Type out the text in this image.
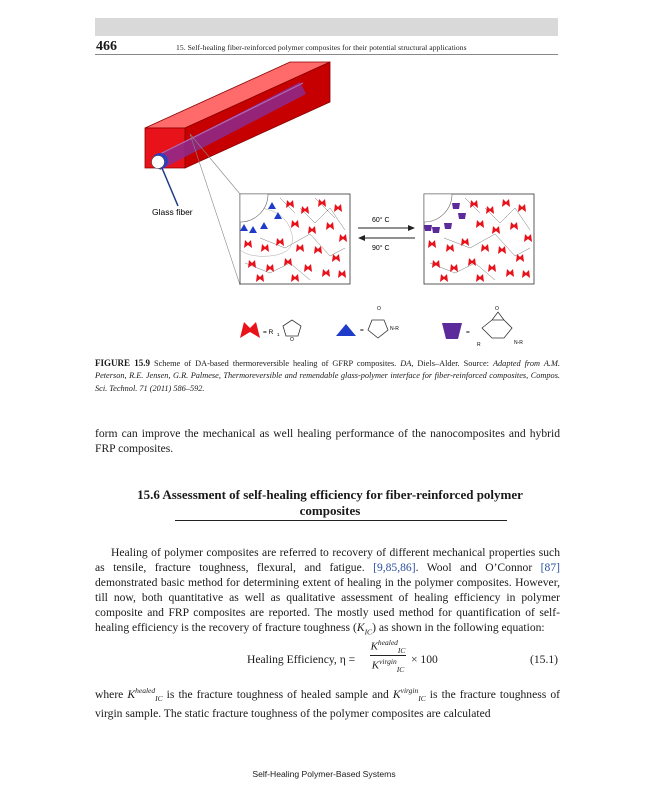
466	15. Self-healing fiber-reinforced polymer composites for their potential structural applications
Glass fiber
60° C
90° C
= R 1
O
=	N-R
O
=
R	N-R
O
FIGURE 15.9 Scheme of DA-based thermoreversible healing of GFRP composites. DA, Diels–Alder. Source: Adapted from A.M. Peterson, R.E. Jensen, G.R. Palmese, Thermoreversible and remendable glass-polymer interface for fiber-reinforced composites, Compos. Sci. Technol. 71 (2011) 586–592.
form can improve the mechanical as well healing performance of the nanocomposites and hybrid FRP composites.
15.6 Assessment of self-healing efficiency for fiber-reinforced polymer composites
Healing of polymer composites are referred to recovery of different mechanical properties such as tensile, fracture toughness, flexural, and fatigue. [9,85,86]. Wool and O’Connor [87] demonstrated basic method for determining extent of healing in the polymer composites. However, till now, both quantitative as well as qualitative assessment of healing efficiency in polymer composite and FRP composites are reported. The mostly used method for quantification of self-healing efficiency is the recovery of fracture toughness $(K_{IC})$ as shown in the following equation:
Healing Efficiency, η =
$K^{healed}_{IC}$
$K^{virgin}_{IC}$
× 100	(15.1)
where $K^{healed}_{IC}$ is the fracture toughness of healed sample and $K^{virgin}_{IC}$ is the fracture toughness of virgin sample. The static fracture toughness of the polymer composites are calculated
Self-Healing Polymer-Based Systems
